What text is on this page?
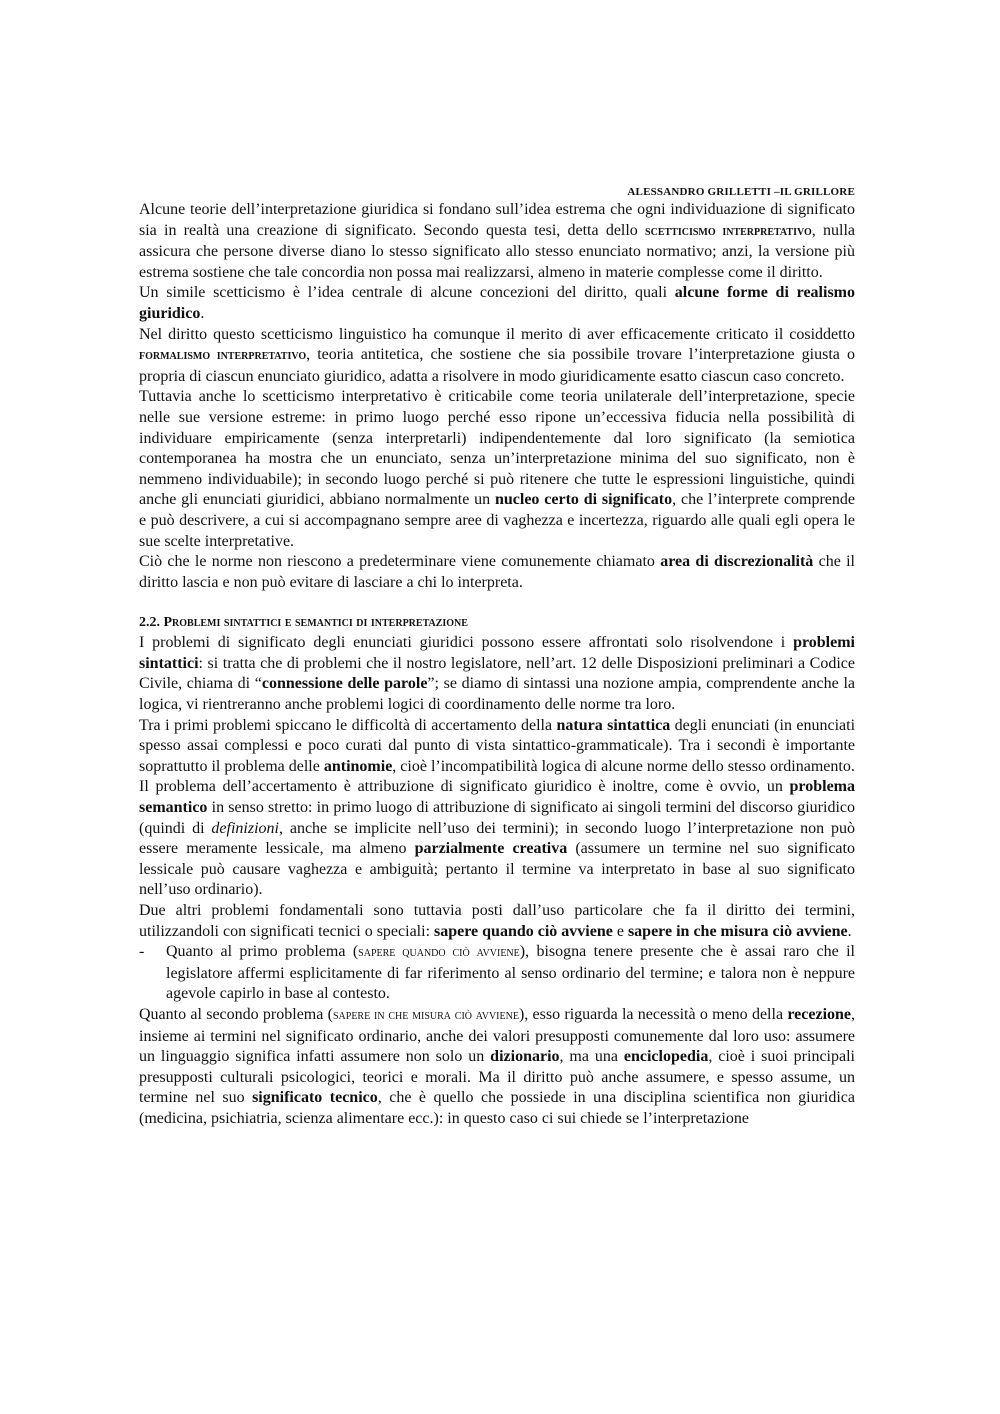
ALESSANDRO GRILLETTI –IL GRILLORE

Alcune teorie dell’interpretazione giuridica si fondano sull’idea estrema che ogni individuazione di significato sia in realtà una creazione di significato. Secondo questa tesi, detta dello scetticismo interpretativo, nulla assicura che persone diverse diano lo stesso significato allo stesso enunciato normativo; anzi, la versione più estrema sostiene che tale concordia non possa mai realizzarsi, almeno in materie complesse come il diritto.

Un simile scetticismo è l’idea centrale di alcune concezioni del diritto, quali alcune forme di realismo giuridico.

Nel diritto questo scetticismo linguistico ha comunque il merito di aver efficacemente criticato il cosiddetto formalismo interpretativo, teoria antitetica, che sostiene che sia possibile trovare l’interpretazione giusta o propria di ciascun enunciato giuridico, adatta a risolvere in modo giuridicamente esatto ciascun caso concreto.

Tuttavia anche lo scetticismo interpretativo è criticabile come teoria unilaterale dell’interpretazione, specie nelle sue versione estreme: in primo luogo perché esso ripone un’eccessiva fiducia nella possibilità di individuare empiricamente (senza interpretarli) indipendentemente dal loro significato (la semiotica contemporanea ha mostra che un enunciato, senza un’interpretazione minima del suo significato, non è nemmeno individuabile); in secondo luogo perché si può ritenere che tutte le espressioni linguistiche, quindi anche gli enunciati giuridici, abbiano normalmente un nucleo certo di significato, che l’interprete comprende e può descrivere, a cui si accompagnano sempre aree di vaghezza e incertezza, riguardo alle quali egli opera le sue scelte interpretative.

Ciò che le norme non riescono a predeterminare viene comunemente chiamato area di discrezionalità che il diritto lascia e non può evitare di lasciare a chi lo interpreta.

2.2. Problemi sintattici e semantici di interpretazione

I problemi di significato degli enunciati giuridici possono essere affrontati solo risolvendone i problemi sintattici: si tratta che di problemi che il nostro legislatore, nell’art. 12 delle Disposizioni preliminari a Codice Civile, chiama di “connessione delle parole”; se diamo di sintassi una nozione ampia, comprendente anche la logica, vi rientreranno anche problemi logici di coordinamento delle norme tra loro.

Tra i primi problemi spiccano le difficoltà di accertamento della natura sintattica degli enunciati (in enunciati spesso assai complessi e poco curati dal punto di vista sintattico-grammaticale). Tra i secondi è importante soprattutto il problema delle antinomie, cioè l’incompatibilità logica di alcune norme dello stesso ordinamento.

Il problema dell’accertamento è attribuzione di significato giuridico è inoltre, come è ovvio, un problema semantico in senso stretto: in primo luogo di attribuzione di significato ai singoli termini del discorso giuridico (quindi di definizioni, anche se implicite nell’uso dei termini); in secondo luogo l’interpretazione non può essere meramente lessicale, ma almeno parzialmente creativa (assumere un termine nel suo significato lessicale può causare vaghezza e ambiguità; pertanto il termine va interpretato in base al suo significato nell’uso ordinario).

Due altri problemi fondamentali sono tuttavia posti dall’uso particolare che fa il diritto dei termini, utilizzandoli con significati tecnici o speciali: sapere quando ciò avviene e sapere in che misura ciò avviene.

-	Quanto al primo problema (sapere quando ciò avviene), bisogna tenere presente che è assai raro che il legislatore affermi esplicitamente di far riferimento al senso ordinario del termine; e talora non è neppure agevole capirlo in base al contesto.

Quanto al secondo problema (sapere in che misura ciò avviene), esso riguarda la necessità o meno della recezione, insieme ai termini nel significato ordinario, anche dei valori presupposti comunemente dal loro uso: assumere un linguaggio significa infatti assumere non solo un dizionario, ma una enciclopedia, cioè i suoi principali presupposti culturali psicologici, teorici e morali. Ma il diritto può anche assumere, e spesso assume, un termine nel suo significato tecnico, che è quello che possiede in una disciplina scientifica non giuridica (medicina, psichiatria, scienza alimentare ecc.): in questo caso ci sui chiede se l’interpretazione
